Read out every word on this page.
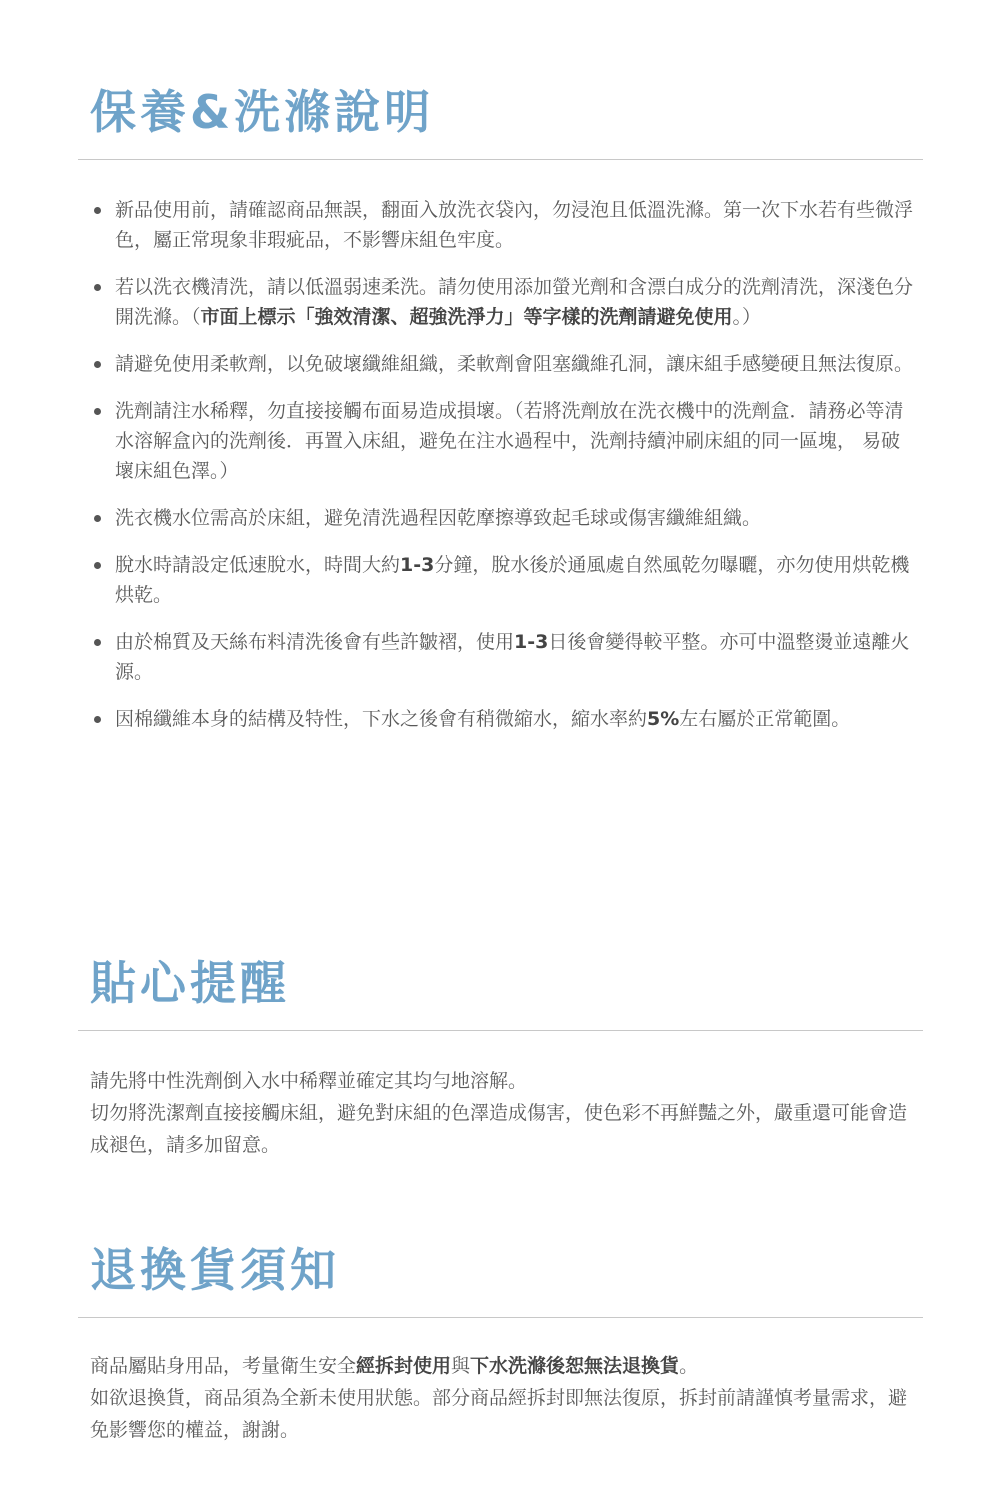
保養&洗滌說明
新品使用前，請確認商品無誤，翻面入放洗衣袋內，勿浸泡且低溫洗滌。第一次下水若有些微浮色，屬正常現象非瑕疵品，不影響床組色牢度。
若以洗衣機清洗，請以低溫弱速柔洗。請勿使用添加螢光劑和含漂白成分的洗劑清洗，深淺色分開洗滌。（市面上標示「強效清潔、超強洗淨力」等字樣的洗劑請避免使用。）
請避免使用柔軟劑，以免破壞纖維組織，柔軟劑會阻塞纖維孔洞，讓床組手感變硬且無法復原。
洗劑請注水稀釋，勿直接接觸布面易造成損壞。（若將洗劑放在洗衣機中的洗劑盒．請務必等清水溶解盒內的洗劑後．再置入床組，避免在注水過程中，洗劑持續沖刷床組的同一區塊， 易破壞床組色澤。）
洗衣機水位需高於床組，避免清洗過程因乾摩擦導致起毛球或傷害纖維組織。
脫水時請設定低速脫水，時間大約1-3分鐘，脫水後於通風處自然風乾勿曝曬，亦勿使用烘乾機烘乾。
由於棉質及天絲布料清洗後會有些許皺褶，使用1-3日後會變得較平整。亦可中溫整燙並遠離火源。
因棉纖維本身的結構及特性，下水之後會有稍微縮水，縮水率約5%左右屬於正常範圍。
貼心提醒

請先將中性洗劑倒入水中稀釋並確定其均勻地溶解。

切勿將洗潔劑直接接觸床組，避免對床組的色澤造成傷害，使色彩不再鮮豔之外，嚴重還可能會造成褪色，請多加留意。

退換貨須知

商品屬貼身用品，考量衛生安全經拆封使用與下水洗滌後恕無法退換貨。

如欲退換貨，商品須為全新未使用狀態。部分商品經拆封即無法復原，拆封前請謹慎考量需求，避免影響您的權益，謝謝。
